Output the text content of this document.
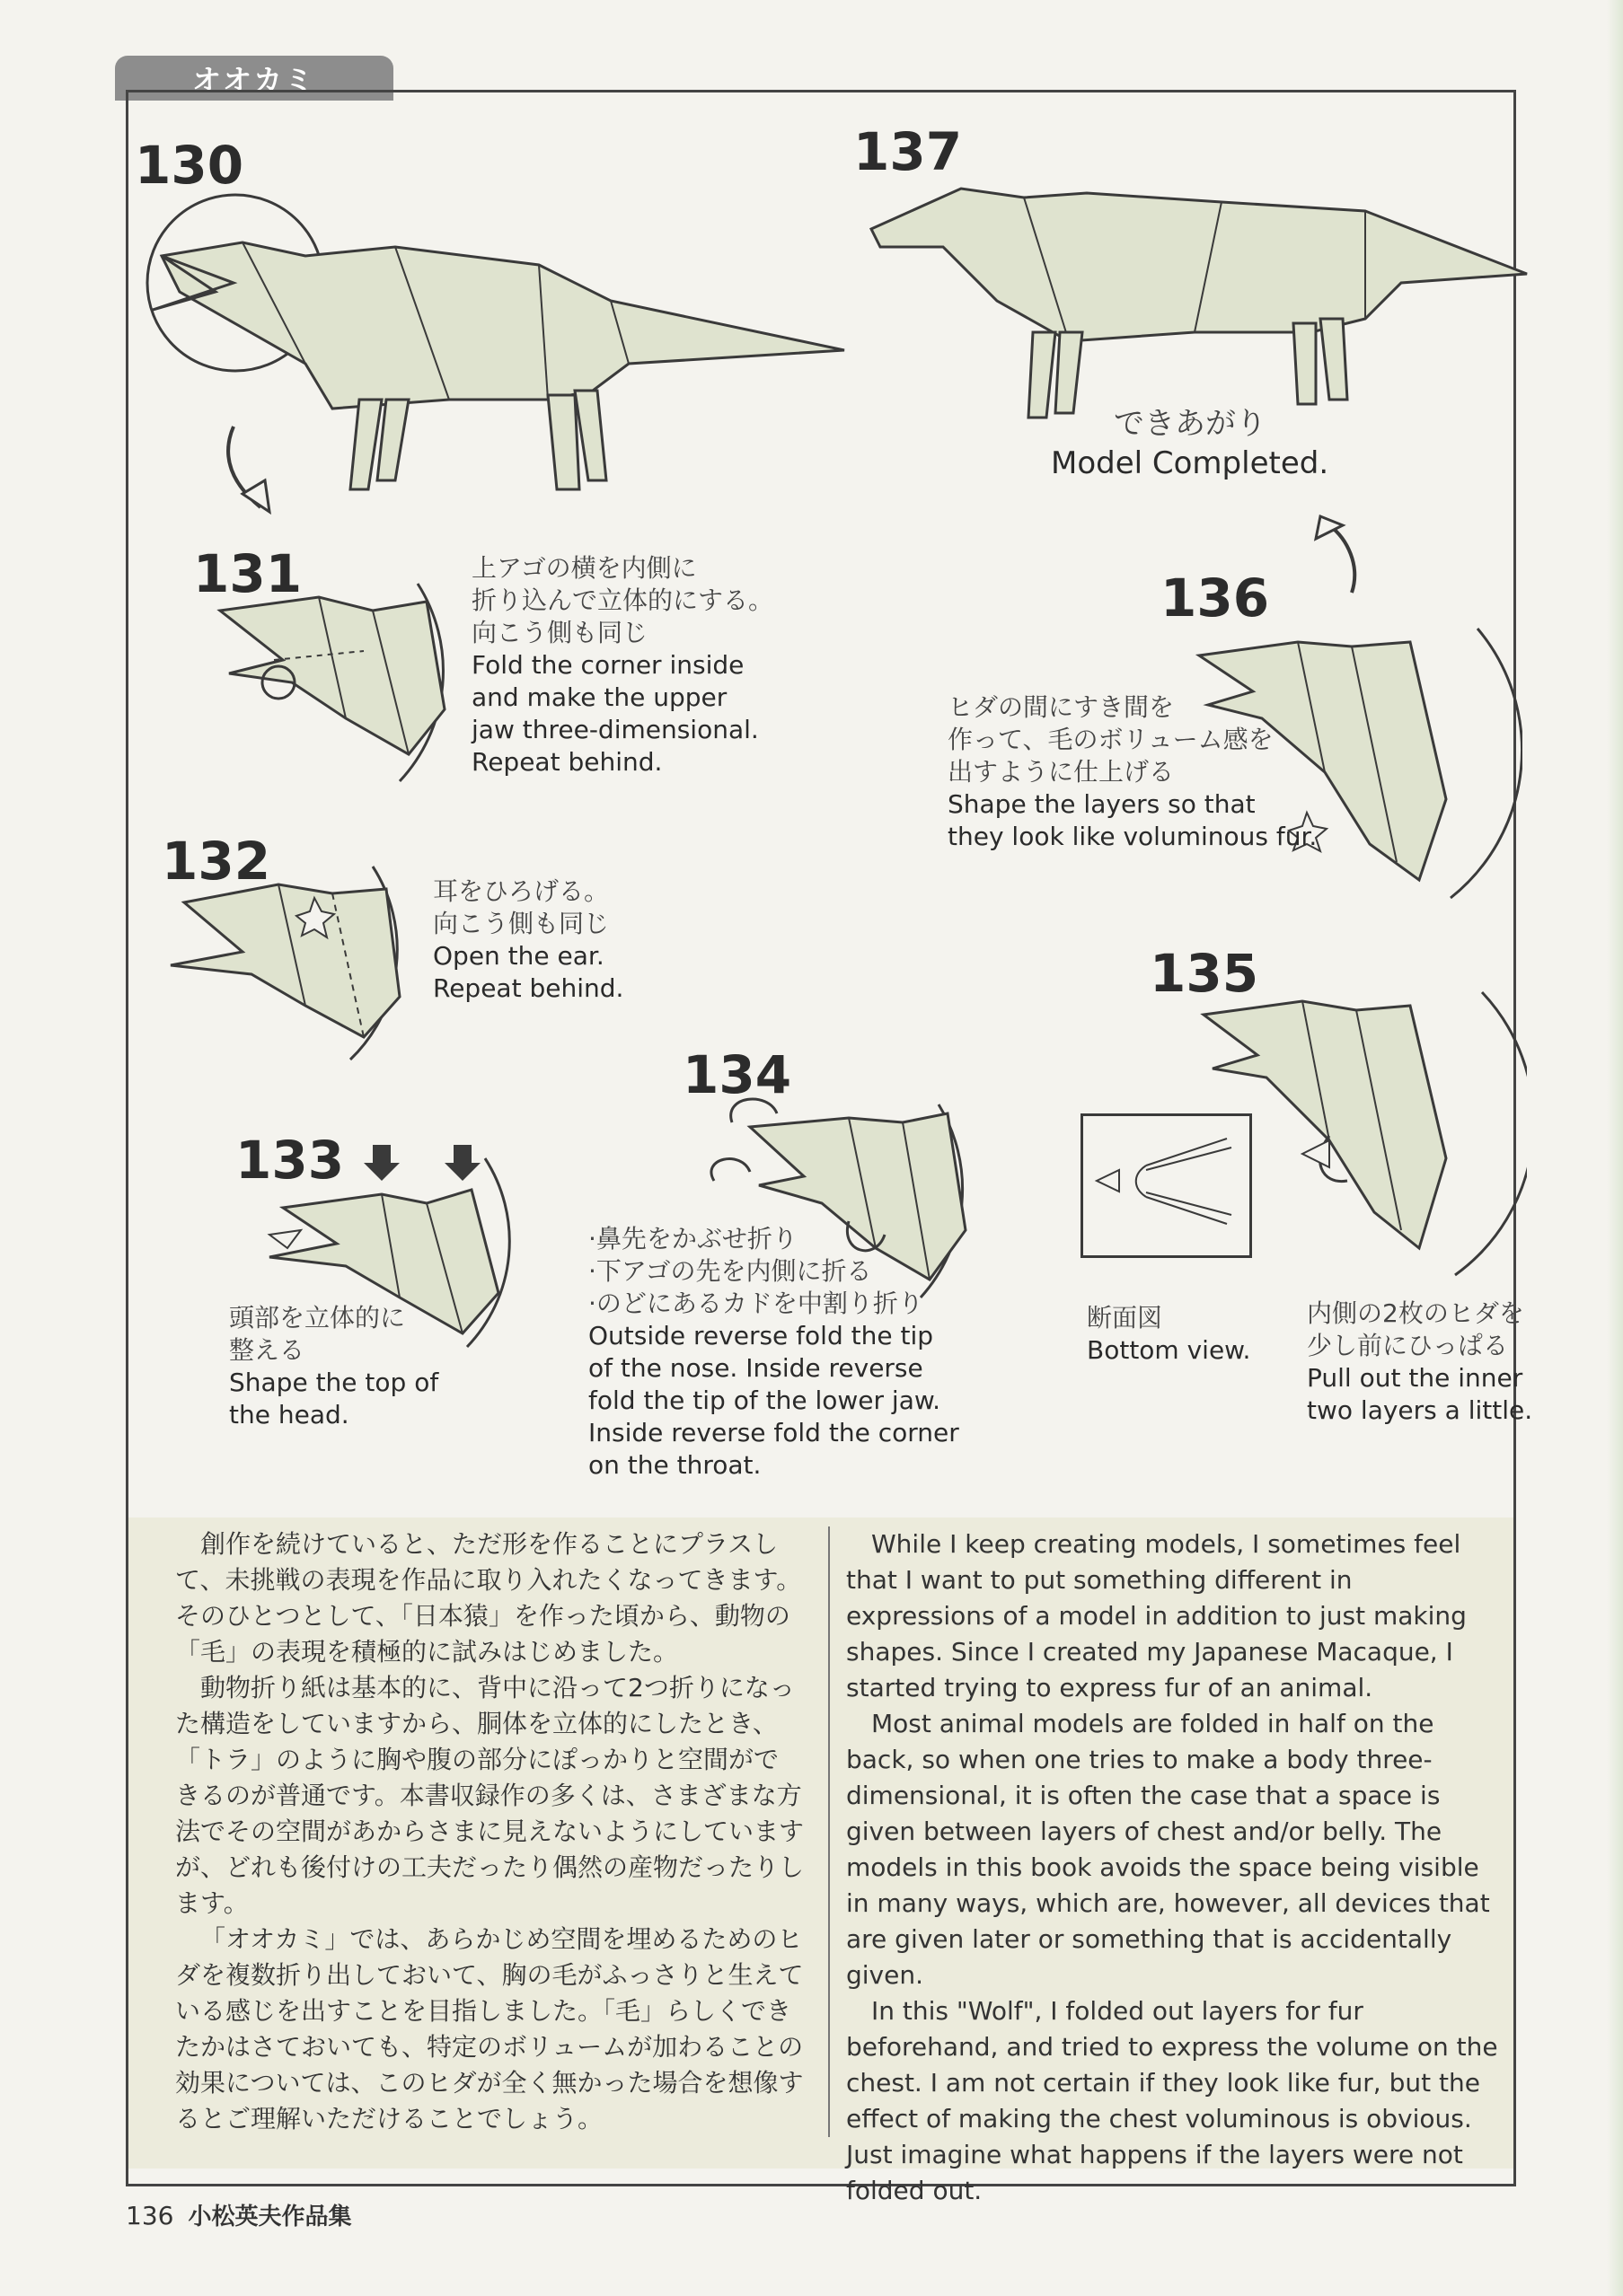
オオカミ
130
131	上アゴの横を内側に
折り込んで立体的にする。
向こう側も同じ
Fold the corner inside
and make the upper
jaw three-dimensional.
Repeat behind.
132	耳をひろげる。
向こう側も同じ
Open the ear.
Repeat behind.
133
頭部を立体的に
整える
Shape the top of
the head.
134
·鼻先をかぶせ折り
·下アゴの先を内側に折る
·のどにあるカドを中割り折り
Outside reverse fold the tip
of the nose. Inside reverse
fold the tip of the lower jaw.
Inside reverse fold the corner
on the throat.
135
断面図
Bottom view.
内側の2枚のヒダを
少し前にひっぱる
Pull out the inner
two layers a little.
136
ヒダの間にすき間を
作って、毛のボリューム感を
出すように仕上げる
Shape the layers so that
they look like voluminous fur.
137
できあがり
Model Completed.

創作を続けていると、ただ形を作ることにプラスして、未挑戦の表現を作品に取り入れたくなってきます。そのひとつとして、「日本猿」を作った頃から、動物の「毛」の表現を積極的に試みはじめました。

動物折り紙は基本的に、背中に沿って2つ折りになった構造をしていますから、胴体を立体的にしたとき、「トラ」のように胸や腹の部分にぽっかりと空間ができるのが普通です。本書収録作の多くは、さまざまな方法でその空間があからさまに見えないようにしていますが、どれも後付けの工夫だったり偶然の産物だったりします。

「オオカミ」では、あらかじめ空間を埋めるためのヒダを複数折り出しておいて、胸の毛がふっさりと生えている感じを出すことを目指しました。「毛」らしくできたかはさておいても、特定のボリュームが加わることの効果については、このヒダが全く無かった場合を想像するとご理解いただけることでしょう。

While I keep creating models, I sometimes feel that I want to put something different in expressions of a model in addition to just making shapes. Since I created my Japanese Macaque, I started trying to express fur of an animal.

Most animal models are folded in half on the back, so when one tries to make a body three-dimensional, it is often the case that a space is given between layers of chest and/or belly. The models in this book avoids the space being visible in many ways, which are, however, all devices that are given later or something that is accidentally given.

In this "Wolf", I folded out layers for fur beforehand, and tried to express the volume on the chest. I am not certain if they look like fur, but the effect of making the chest voluminous is obvious. Just imagine what happens if the layers were not folded out.

136 小松英夫作品集
